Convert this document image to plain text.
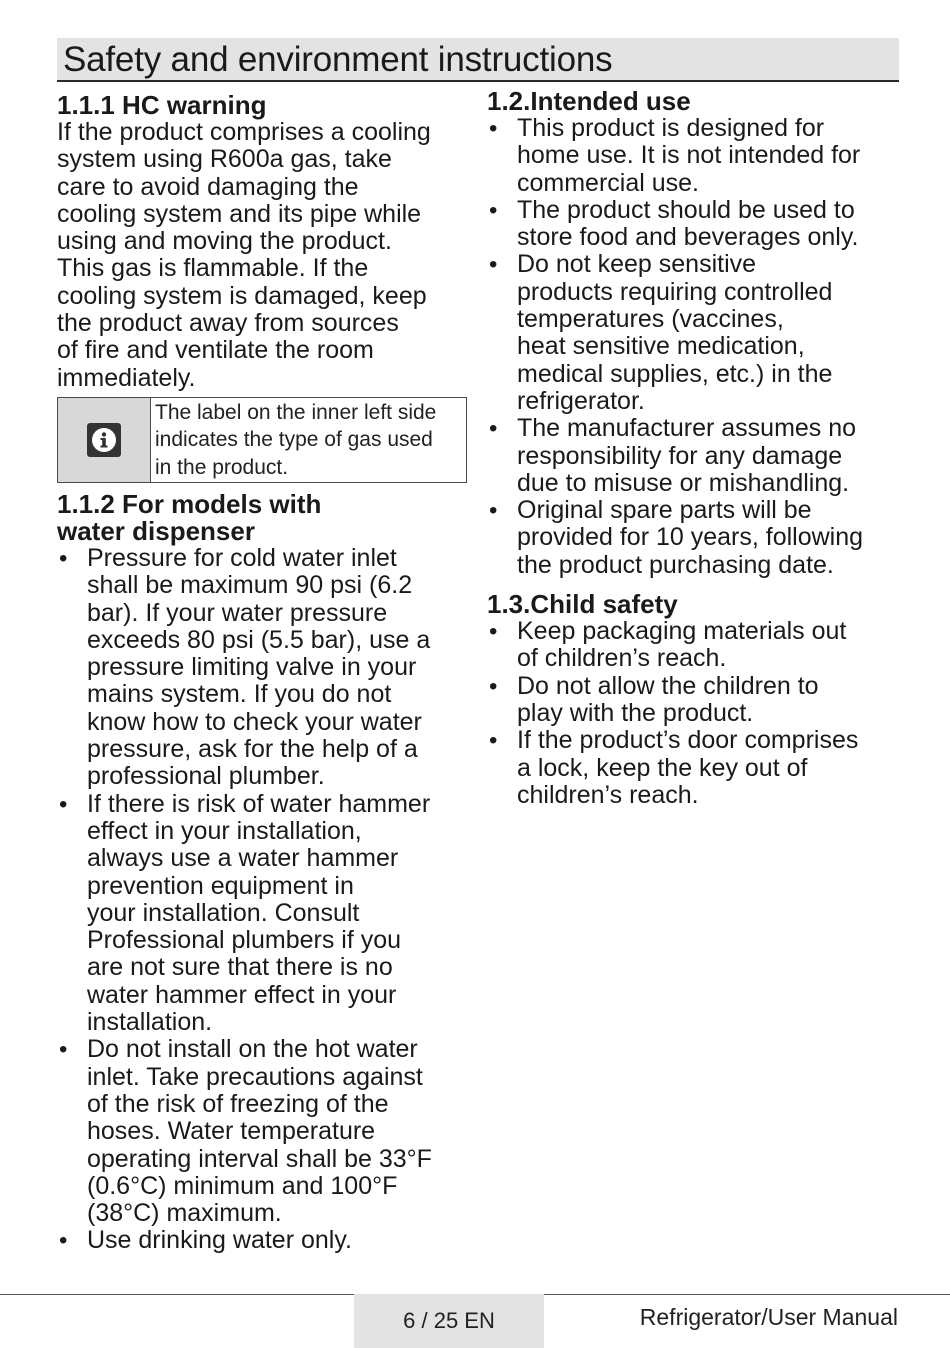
Safety and environment instructions
1.1.1 HC warning

If the product comprises a cooling
system using R600a gas, take
care to avoid damaging the
cooling system and its pipe while
using and moving the product.
This gas is flammable. If the
cooling system is damaged, keep
the product away from sources
of fire and ventilate the room
immediately.

The label on the inner left side
indicates the type of gas used
in the product.
1.1.2 For models with
water dispenser
• Pressure for cold water inlet
shall be maximum 90 psi (6.2
bar). If your water pressure
exceeds 80 psi (5.5 bar), use a
pressure limiting valve in your
mains system. If you do not
know how to check your water
pressure, ask for the help of a
professional plumber.
• If there is risk of water hammer
effect in your installation,
always use a water hammer
prevention equipment in
your installation. Consult
Professional plumbers if you
are not sure that there is no
water hammer effect in your
installation.
• Do not install on the hot water
inlet. Take precautions against
of the risk of freezing of the
hoses. Water temperature
operating interval shall be 33°F
(0.6°C) minimum and 100°F
(38°C) maximum.
• Use drinking water only.
1.2.Intended use
• This product is designed for
home use. It is not intended for
commercial use.
• The product should be used to
store food and beverages only.
• Do not keep sensitive
products requiring controlled
temperatures (vaccines,
heat sensitive medication,
medical supplies, etc.) in the
refrigerator.
• The manufacturer assumes no
responsibility for any damage
due to misuse or mishandling.
• Original spare parts will be
provided for 10 years, following
the product purchasing date.
1.3.Child safety
• Keep packaging materials out
of children’s reach.
• Do not allow the children to
play with the product.
• If the product’s door comprises
a lock, keep the key out of
children’s reach.
6 / 25 EN	Refrigerator/User Manual
